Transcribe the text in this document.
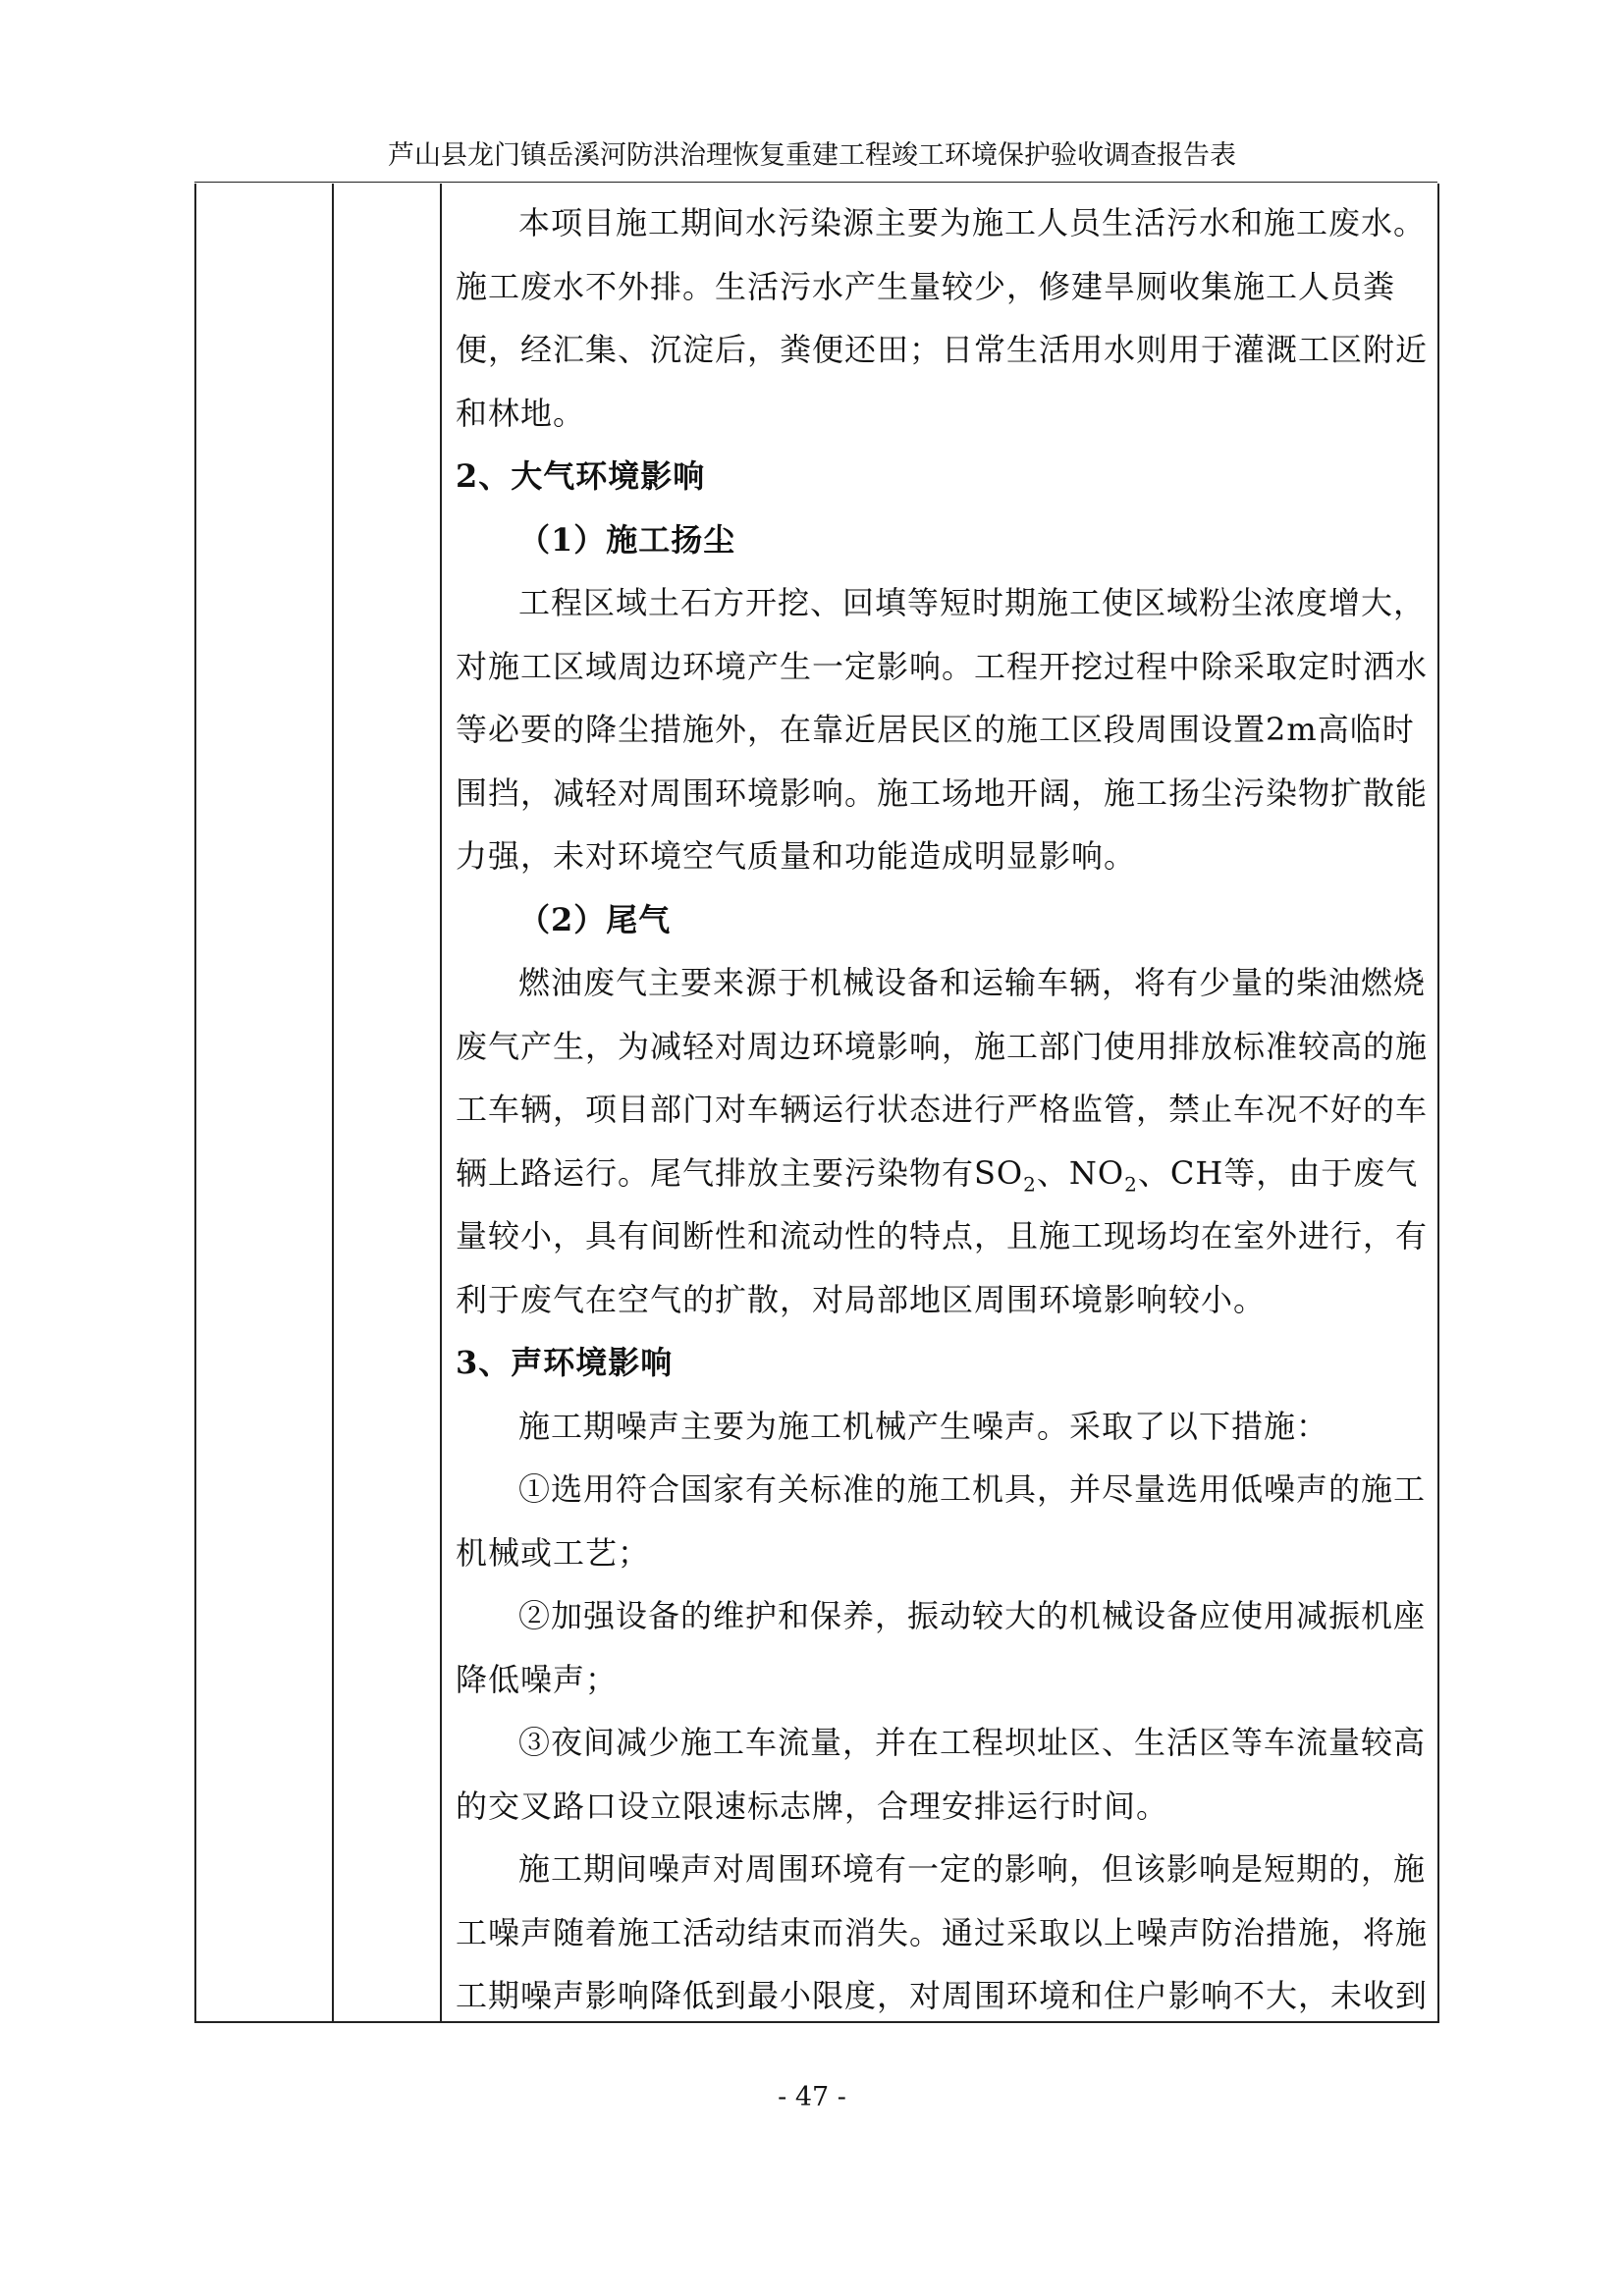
芦山县龙门镇岳溪河防洪治理恢复重建工程竣工环境保护验收调查报告表

本项目施工期间水污染源主要为施工人员生活污水和施工废水。施工废水不外排。生活污水产生量较少，修建旱厕收集施工人员粪便，经汇集、沉淀后，粪便还田；日常生活用水则用于灌溉工区附近和林地。

2、大气环境影响

（1）施工扬尘

工程区域土石方开挖、回填等短时期施工使区域粉尘浓度增大，对施工区域周边环境产生一定影响。工程开挖过程中除采取定时洒水等必要的降尘措施外，在靠近居民区的施工区段周围设置2m高临时围挡，减轻对周围环境影响。施工场地开阔，施工扬尘污染物扩散能力强，未对环境空气质量和功能造成明显影响。

（2）尾气

燃油废气主要来源于机械设备和运输车辆，将有少量的柴油燃烧废气产生，为减轻对周边环境影响，施工部门使用排放标准较高的施工车辆，项目部门对车辆运行状态进行严格监管，禁止车况不好的车辆上路运行。尾气排放主要污染物有$SO_2$、$NO_2$、CH等，由于废气量较小，具有间断性和流动性的特点，且施工现场均在室外进行，有利于废气在空气的扩散，对局部地区周围环境影响较小。

3、声环境影响

施工期噪声主要为施工机械产生噪声。采取了以下措施：

①选用符合国家有关标准的施工机具，并尽量选用低噪声的施工机械或工艺；

②加强设备的维护和保养，振动较大的机械设备应使用减振机座降低噪声；

③夜间减少施工车流量，并在工程坝址区、生活区等车流量较高的交叉路口设立限速标志牌，合理安排运行时间。

施工期间噪声对周围环境有一定的影响，但该影响是短期的，施工噪声随着施工活动结束而消失。通过采取以上噪声防治措施，将施工期噪声影响降低到最小限度，对周围环境和住户影响不大，未收到

- 47 -
